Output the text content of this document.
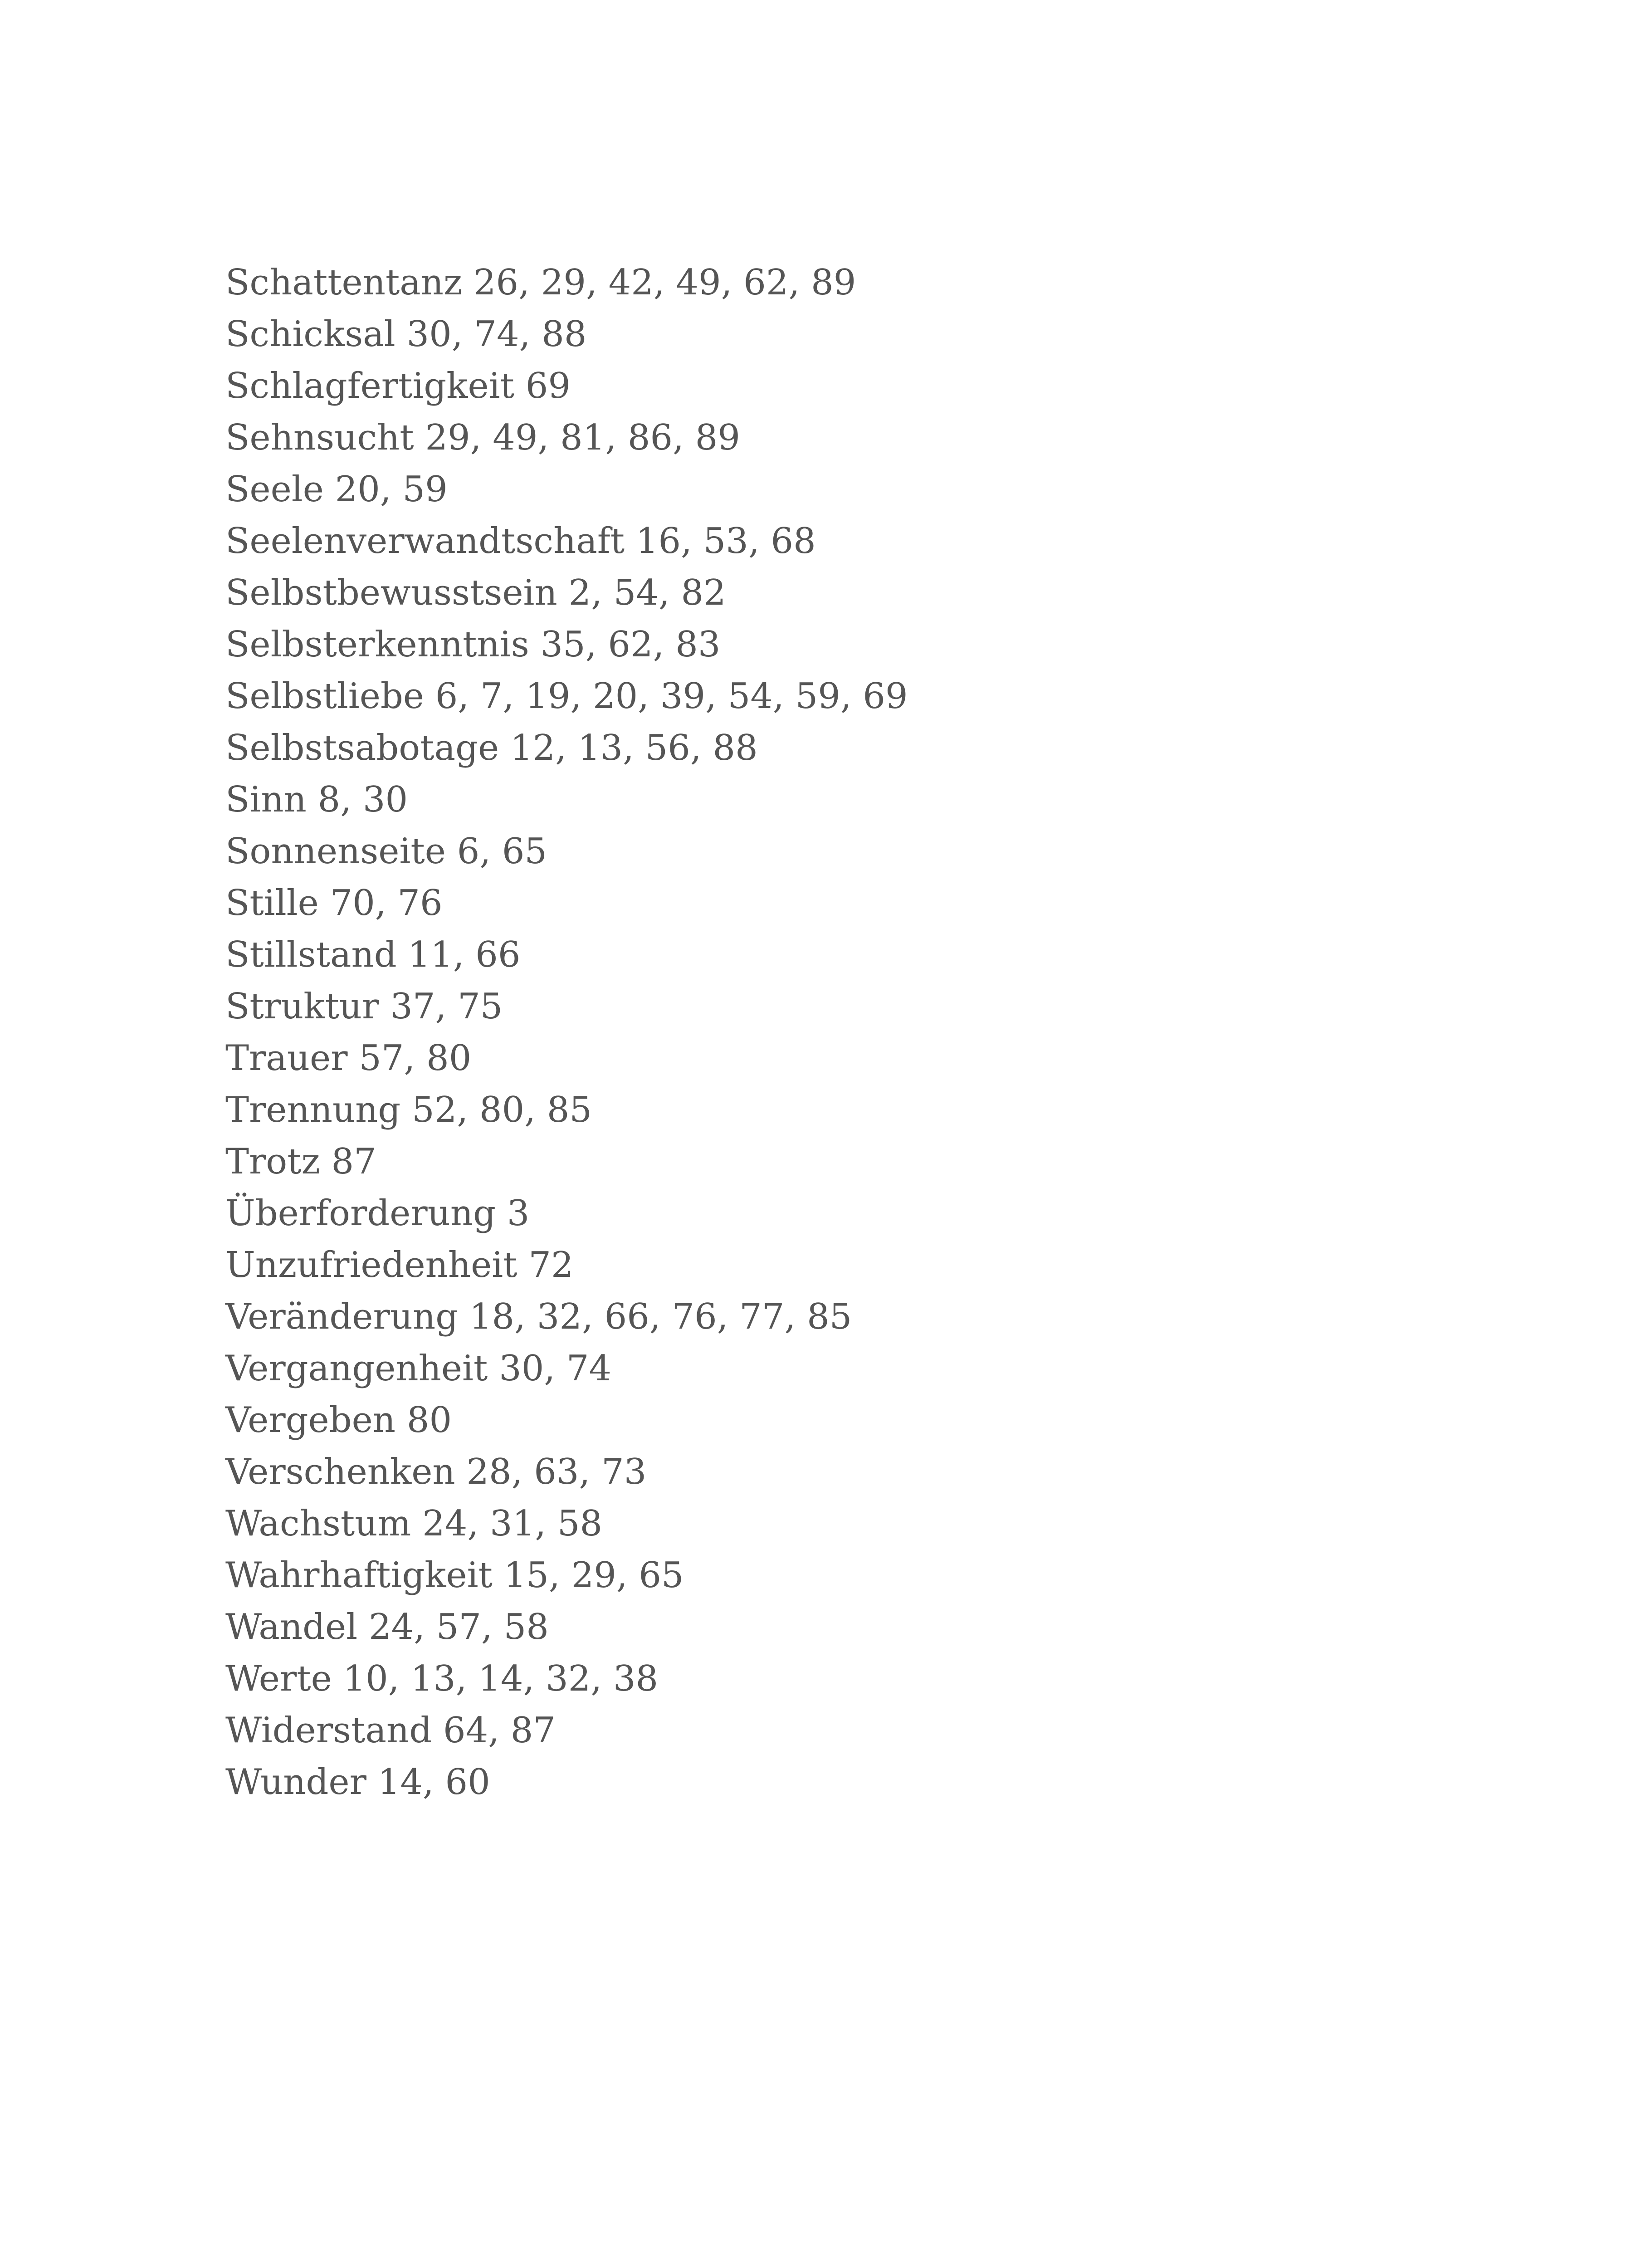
Schattentanz 26, 29, 42, 49, 62, 89
Schicksal 30, 74, 88
Schlagfertigkeit 69
Sehnsucht 29, 49, 81, 86, 89
Seele 20, 59
Seelenverwandtschaft 16, 53, 68
Selbstbewusstsein 2, 54, 82
Selbsterkenntnis 35, 62, 83
Selbstliebe 6, 7, 19, 20, 39, 54, 59, 69
Selbstsabotage 12, 13, 56, 88
Sinn 8, 30
Sonnenseite 6, 65
Stille 70, 76
Stillstand 11, 66
Struktur 37, 75
Trauer 57, 80
Trennung 52, 80, 85
Trotz 87
Überforderung 3
Unzufriedenheit 72
Veränderung 18, 32, 66, 76, 77, 85
Vergangenheit 30, 74
Vergeben 80
Verschenken 28, 63, 73
Wachstum 24, 31, 58
Wahrhaftigkeit 15, 29, 65
Wandel 24, 57, 58
Werte 10, 13, 14, 32, 38
Widerstand 64, 87
Wunder 14, 60
